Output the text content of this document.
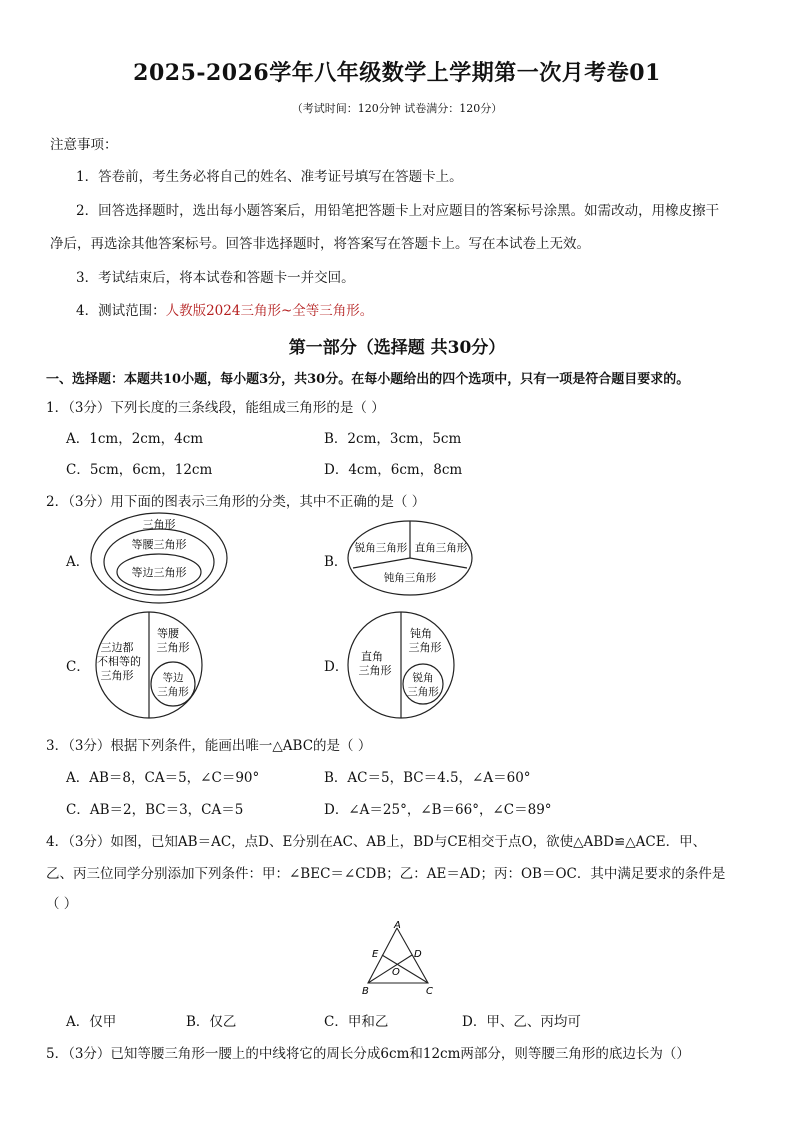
2025-2026学年八年级数学上学期第一次月考卷01
（考试时间：120分钟 试卷满分：120分）
注意事项：
1．答卷前，考生务必将自己的姓名、准考证号填写在答题卡上。
2．回答选择题时，选出每小题答案后，用铅笔把答题卡上对应题目的答案标号涂黑。如需改动，用橡皮擦干
净后，再选涂其他答案标号。回答非选择题时，将答案写在答题卡上。写在本试卷上无效。
3．考试结束后，将本试卷和答题卡一并交回。
4．测试范围：人教版2024三角形~全等三角形。
第一部分（选择题 共30分）
一、选择题：本题共10小题，每小题3分，共30分。在每小题给出的四个选项中，只有一项是符合题目要求的。
1．（3分）下列长度的三条线段，能组成三角形的是（ ）
A．1cm，2cm，4cm	B．2cm，3cm，5cm
C．5cm，6cm，12cm	D．4cm，6cm，8cm
2．（3分）用下面的图表示三角形的分类，其中不正确的是（ ）
A．	B．
C．	D．
三角形
等腰三角形
等边三角形
锐角三角形 直角三角形
钝角三角形
三边都
不相等的
三角形
等腰
三角形
等边
三角形
直角
三角形
钝角
三角形
锐角
三角形
3．（3分）根据下列条件，能画出唯一△ABC的是（ ）
A．AB＝8，CA＝5，∠C＝90°	B．AC＝5，BC＝4.5，∠A＝60°
C．AB＝2，BC＝3，CA＝5	D．∠A＝25°，∠B＝66°，∠C＝89°
4．（3分）如图，已知AB＝AC，点D、E分别在AC、AB上，BD与CE相交于点O，欲使△ABD≌△ACE．甲、
乙、丙三位同学分别添加下列条件：甲：∠BEC＝∠CDB；乙：AE＝AD；丙：OB＝OC．其中满足要求的条件是
（ ）
A
B	C
D
E
O
A．仅甲	B．仅乙	C．甲和乙	D．甲、乙、丙均可
5．（3分）已知等腰三角形一腰上的中线将它的周长分成6cm和12cm两部分，则等腰三角形的底边长为（）
